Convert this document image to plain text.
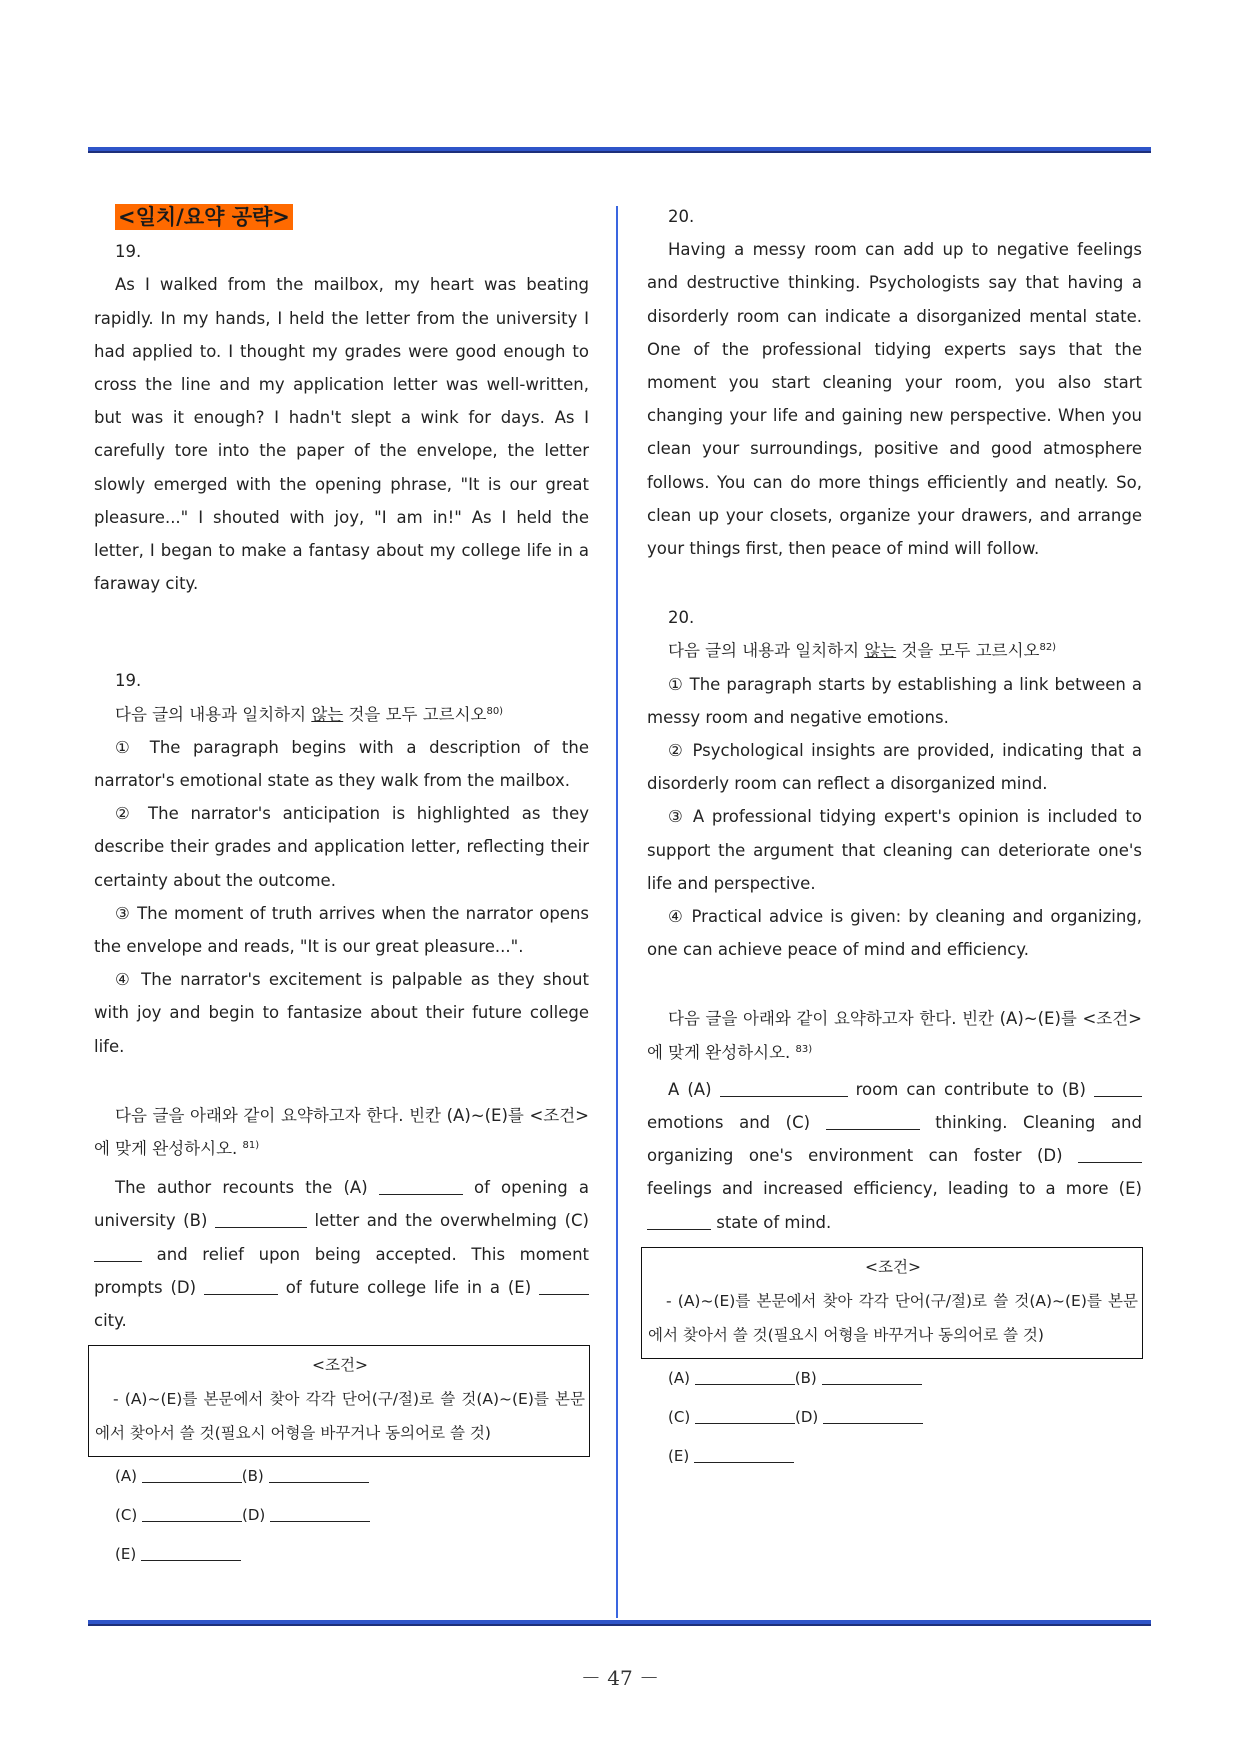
<일치/요약 공략>

19.

As I walked from the mailbox, my heart was beating rapidly. In my hands, I held the letter from the university I had applied to. I thought my grades were good enough to cross the line and my application letter was well-written, but was it enough? I hadn't slept a wink for days. As I carefully tore into the paper of the envelope, the letter slowly emerged with the opening phrase, "It is our great pleasure..." I shouted with joy, "I am in!" As I held the letter, I began to make a fantasy about my college life in a faraway city.

19.

다음 글의 내용과 일치하지 않는 것을 모두 고르시오$^{80)}$

① The paragraph begins with a description of the narrator's emotional state as they walk from the mailbox.

② The narrator's anticipation is highlighted as they describe their grades and application letter, reflecting their certainty about the outcome.

③ The moment of truth arrives when the narrator opens the envelope and reads, "It is our great pleasure...".

④ The narrator's excitement is palpable as they shout with joy and begin to fantasize about their future college life.

다음 글을 아래와 같이 요약하고자 한다. 빈칸 (A)~(E)를 <조건>에 맞게 완성하시오. $^{81)}$

The author recounts the (A)	of opening a university (B)	letter and the overwhelming (C)  and relief upon being accepted. This moment prompts (D)	of future college life in a (E)  city.

<조건>

- (A)~(E)를 본문에서 찾아 각각 단어(구/절)로 쓸 것(A)~(E)를 본문에서 찾아서 쓸 것(필요시 어형을 바꾸거나 동의어로 쓸 것)

(A)	(B)
(C)	(D)
(E)

20.

Having a messy room can add up to negative feelings and destructive thinking. Psychologists say that having a disorderly room can indicate a disorganized mental state. One of the professional tidying experts says that the moment you start cleaning your room, you also start changing your life and gaining new perspective. When you clean your surroundings, positive and good atmosphere follows. You can do more things efficiently and neatly. So, clean up your closets, organize your drawers, and arrange your things first, then peace of mind will follow.

20.

다음 글의 내용과 일치하지 않는 것을 모두 고르시오$^{82)}$

① The paragraph starts by establishing a link between a messy room and negative emotions.

② Psychological insights are provided, indicating that a disorderly room can reflect a disorganized mind.

③ A professional tidying expert's opinion is included to support the argument that cleaning can deteriorate one's life and perspective.

④ Practical advice is given: by cleaning and organizing, one can achieve peace of mind and efficiency.

다음 글을 아래와 같이 요약하고자 한다. 빈칸 (A)~(E)를 <조건>에 맞게 완성하시오. $^{83)}$

A (A)	room can contribute to (B) emotions and (C)	thinking. Cleaning and organizing one's environment can foster (D)  feelings and increased efficiency, leading to a more (E)  state of mind.

<조건>

- (A)~(E)를 본문에서 찾아 각각 단어(구/절)로 쓸 것(A)~(E)를 본문에서 찾아서 쓸 것(필요시 어형을 바꾸거나 동의어로 쓸 것)

(A)	(B)
(C)	(D)
(E)
－ 47 －
